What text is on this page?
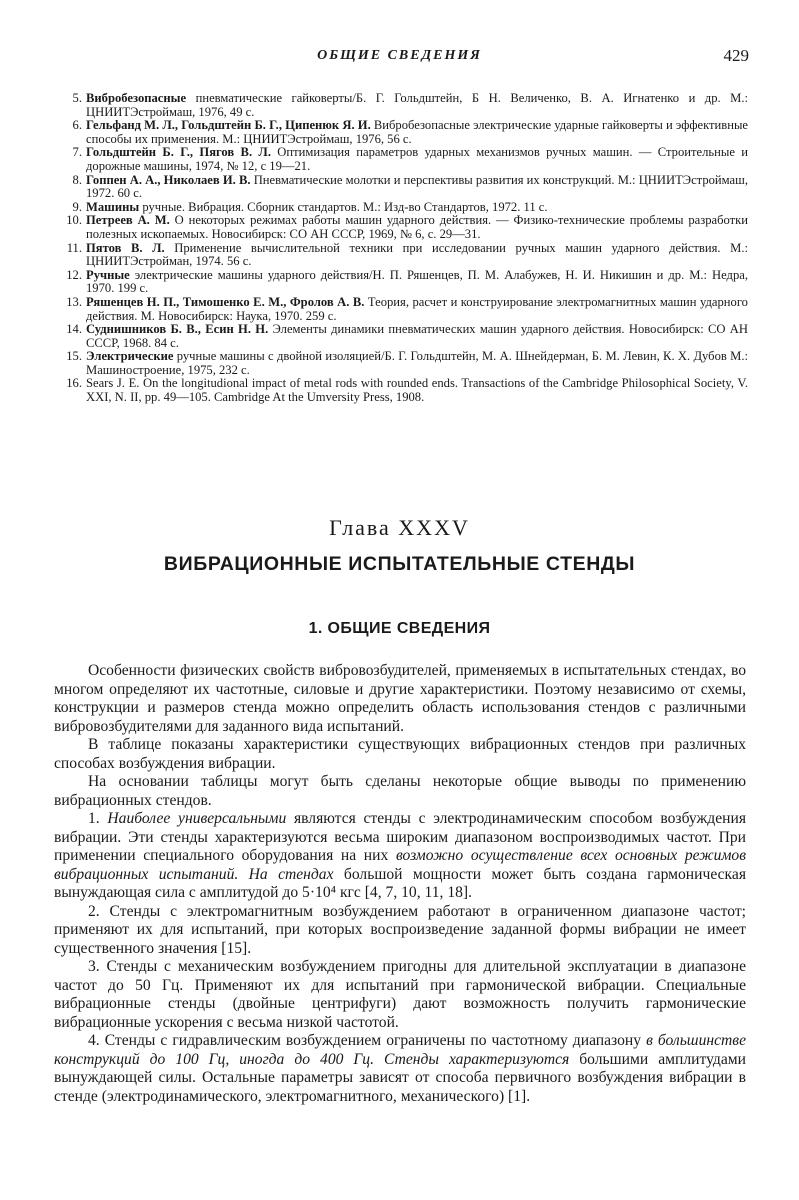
ОБЩИЕ СВЕДЕНИЯ	429
5. Вибробезопасные пневматические гайковерты/Б. Г. Гольдштейн, Б Н. Величенко, В. А. Игнатенко и др. М.: ЦНИИТЭстроймаш, 1976, 49 с.
6. Гельфанд М. Л., Гольдштейн Б. Г., Ципенюк Я. И. Вибробезопасные электрические ударные гайковерты и эффективные способы их применения. М.: ЦНИИТЭстроймаш, 1976, 56 с.
7. Гольдштейн Б. Г., Пягов В. Л. Оптимизация параметров ударных механизмов ручных машин. — Строительные и дорожные машины, 1974, № 12, с 19—21.
8. Гоппен А. А., Николаев И. В. Пневматические молотки и перспективы развития их конструкций. М.: ЦНИИТЭстроймаш, 1972. 60 с.
9. Машины ручные. Вибрация. Сборник стандартов. М.: Изд-во Стандартов, 1972. 11 с.
10. Петреев А. М. О некоторых режимах работы машин ударного действия. — Физико-технические проблемы разработки полезных ископаемых. Новосибирск: СО АН СССР, 1969, № 6, с. 29—31.
11. Пятов В. Л. Применение вычислительной техники при исследовании ручных машин ударного действия. М.: ЦНИИТЭстройман, 1974. 56 с.
12. Ручные электрические машины ударного действия/Н. П. Ряшенцев, П. М. Алабужев, Н. И. Никишин и др. М.: Недра, 1970. 199 с.
13. Ряшенцев Н. П., Тимошенко Е. М., Фролов А. В. Теория, расчет и конструирование электромагнитных машин ударного действия. М. Новосибирск: Наука, 1970. 259 с.
14. Суднишников Б. В., Есин Н. Н. Элементы динамики пневматических машин ударного действия. Новосибирск: СО АН СССР, 1968. 84 с.
15. Электрические ручные машины с двойной изоляцией/Б. Г. Гольдштейн, М. А. Шнейдерман, Б. М. Левин, К. Х. Дубов М.: Машиностроение, 1975, 232 с.
16. Sears J. E. On the longitudional impact of metal rods with rounded ends. Transactions of the Cambridge Philosophical Society, V. XXI, N. II, pp. 49—105. Cambridge At the Umversity Press, 1908.
Глава XXXV
ВИБРАЦИОННЫЕ ИСПЫТАТЕЛЬНЫЕ СТЕНДЫ
1. ОБЩИЕ СВЕДЕНИЯ

Особенности физических свойств вибровозбудителей, применяемых в испытательных стендах, во многом определяют их частотные, силовые и другие характеристики. Поэтому независимо от схемы, конструкции и размеров стенда можно определить область использования стендов с различными вибровозбудителями для заданного вида испытаний.

В таблице показаны характеристики существующих вибрационных стендов при различных способах возбуждения вибрации.

На основании таблицы могут быть сделаны некоторые общие выводы по применению вибрационных стендов.

1. Наиболее универсальными являются стенды с электродинамическим способом возбуждения вибрации. Эти стенды характеризуются весьма широким диапазоном воспроизводимых частот. При применении специального оборудования на них возможно осуществление всех основных режимов вибрационных испытаний. На стендах большой мощности может быть создана гармоническая вынуждающая сила с амплитудой до 5·10⁴ кгс [4, 7, 10, 11, 18].

2. Стенды с электромагнитным возбуждением работают в ограниченном диапазоне частот; применяют их для испытаний, при которых воспроизведение заданной формы вибрации не имеет существенного значения [15].

3. Стенды с механическим возбуждением пригодны для длительной эксплуатации в диапазоне частот до 50 Гц. Применяют их для испытаний при гармонической вибрации. Специальные вибрационные стенды (двойные центрифуги) дают возможность получить гармонические вибрационные ускорения с весьма низкой частотой.

4. Стенды с гидравлическим возбуждением ограничены по частотному диапазону в большинстве конструкций до 100 Гц, иногда до 400 Гц. Стенды характеризуются большими амплитудами вынуждающей силы. Остальные параметры зависят от способа первичного возбуждения вибрации в стенде (электродинамического, электромагнитного, механического) [1].
